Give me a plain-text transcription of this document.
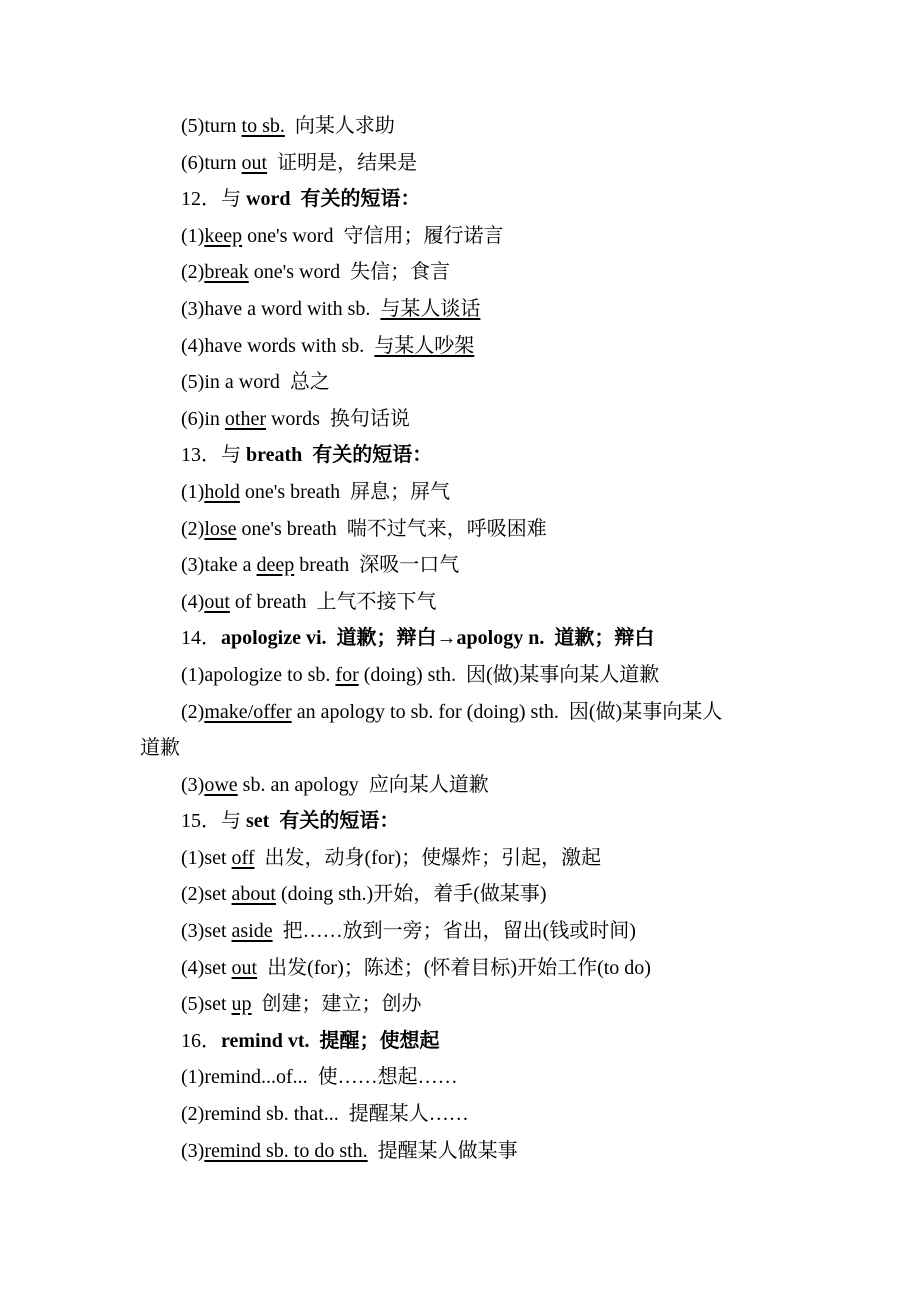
(5)turn to sb.  向某人求助
(6)turn out  证明是，结果是
12．与 word  有关的短语：
(1)keep one's word  守信用；履行诺言
(2)break one's word  失信；食言
(3)have a word with sb.  与某人谈话
(4)have words with sb.  与某人吵架
(5)in a word  总之
(6)in other words  换句话说
13．与 breath  有关的短语：
(1)hold one's breath  屏息；屏气
(2)lose one's breath  喘不过气来，呼吸困难
(3)take a deep breath  深吸一口气
(4)out of breath  上气不接下气
14．apologize vi.  道歉；辩白→apology n.  道歉；辩白
(1)apologize to sb. for (doing) sth.  因(做)某事向某人道歉
(2)make/offer an apology to sb. for (doing) sth.  因(做)某事向某人
道歉
(3)owe sb. an apology  应向某人道歉
15．与 set  有关的短语：
(1)set off  出发，动身(for)；使爆炸；引起，激起
(2)set about (doing sth.)开始，着手(做某事)
(3)set aside  把……放到一旁；省出，留出(钱或时间)
(4)set out  出发(for)；陈述；(怀着目标)开始工作(to do)
(5)set up  创建；建立；创办
16．remind vt.  提醒；使想起
(1)remind...of...  使……想起……
(2)remind sb. that...  提醒某人……
(3)remind sb. to do sth.  提醒某人做某事
